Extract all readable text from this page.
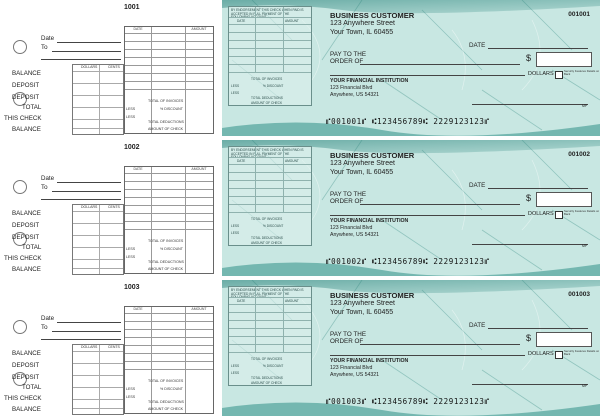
1001
Date
To
DOLLARS	CENTS
BALANCE
DEPOSIT
DEPOSIT
TOTAL
THIS CHECK
BALANCE
DATE	AMOUNT
TOTAL OF INVOICES
LESS	% DISCOUNT
LESS
TOTAL DEDUCTIONS
AMOUNT OF CHECK
BY ENDORSEMENT THIS CHECK WHEN PAID IS ACCEPTED IN FULL PAYMENT OF THE FOLLOWING ACCOUNT
DATE	AMOUNT
TOTAL OF INVOICES
LESS	% DISCOUNT
LESS
TOTAL DEDUCTIONS
AMOUNT OF CHECK
BUSINESS CUSTOMER
123 Anywhere Street
Your Town, IL 60455
001001
DATE
PAY TO THE
ORDER OF	$
DOLLARS	Security Features Details on Back
YOUR FINANCIAL INSTITUTION
123 Financial Blvd
Anywhere, US 54321
MP
⑈001001⑈ ⑆123456789⑆ 2229123123⑈
1002
Date
To
DOLLARS	CENTS
BALANCE
DEPOSIT
DEPOSIT
TOTAL
THIS CHECK
BALANCE
DATE	AMOUNT
TOTAL OF INVOICES
LESS	% DISCOUNT
LESS
TOTAL DEDUCTIONS
AMOUNT OF CHECK
BY ENDORSEMENT THIS CHECK WHEN PAID IS ACCEPTED IN FULL PAYMENT OF THE FOLLOWING ACCOUNT
DATE	AMOUNT
TOTAL OF INVOICES
LESS	% DISCOUNT
LESS
TOTAL DEDUCTIONS
AMOUNT OF CHECK
BUSINESS CUSTOMER
123 Anywhere Street
Your Town, IL 60455
001002
DATE
PAY TO THE
ORDER OF	$
DOLLARS	Security Features Details on Back
YOUR FINANCIAL INSTITUTION
123 Financial Blvd
Anywhere, US 54321
MP
⑈001002⑈ ⑆123456789⑆ 2229123123⑈
1003
Date
To
DOLLARS	CENTS
BALANCE
DEPOSIT
DEPOSIT
TOTAL
THIS CHECK
BALANCE
DATE	AMOUNT
TOTAL OF INVOICES
LESS	% DISCOUNT
LESS
TOTAL DEDUCTIONS
AMOUNT OF CHECK
BY ENDORSEMENT THIS CHECK WHEN PAID IS ACCEPTED IN FULL PAYMENT OF THE FOLLOWING ACCOUNT
DATE	AMOUNT
TOTAL OF INVOICES
LESS	% DISCOUNT
LESS
TOTAL DEDUCTIONS
AMOUNT OF CHECK
BUSINESS CUSTOMER
123 Anywhere Street
Your Town, IL 60455
001003
DATE
PAY TO THE
ORDER OF	$
DOLLARS	Security Features Details on Back
YOUR FINANCIAL INSTITUTION
123 Financial Blvd
Anywhere, US 54321
MP
⑈001003⑈ ⑆123456789⑆ 2229123123⑈
